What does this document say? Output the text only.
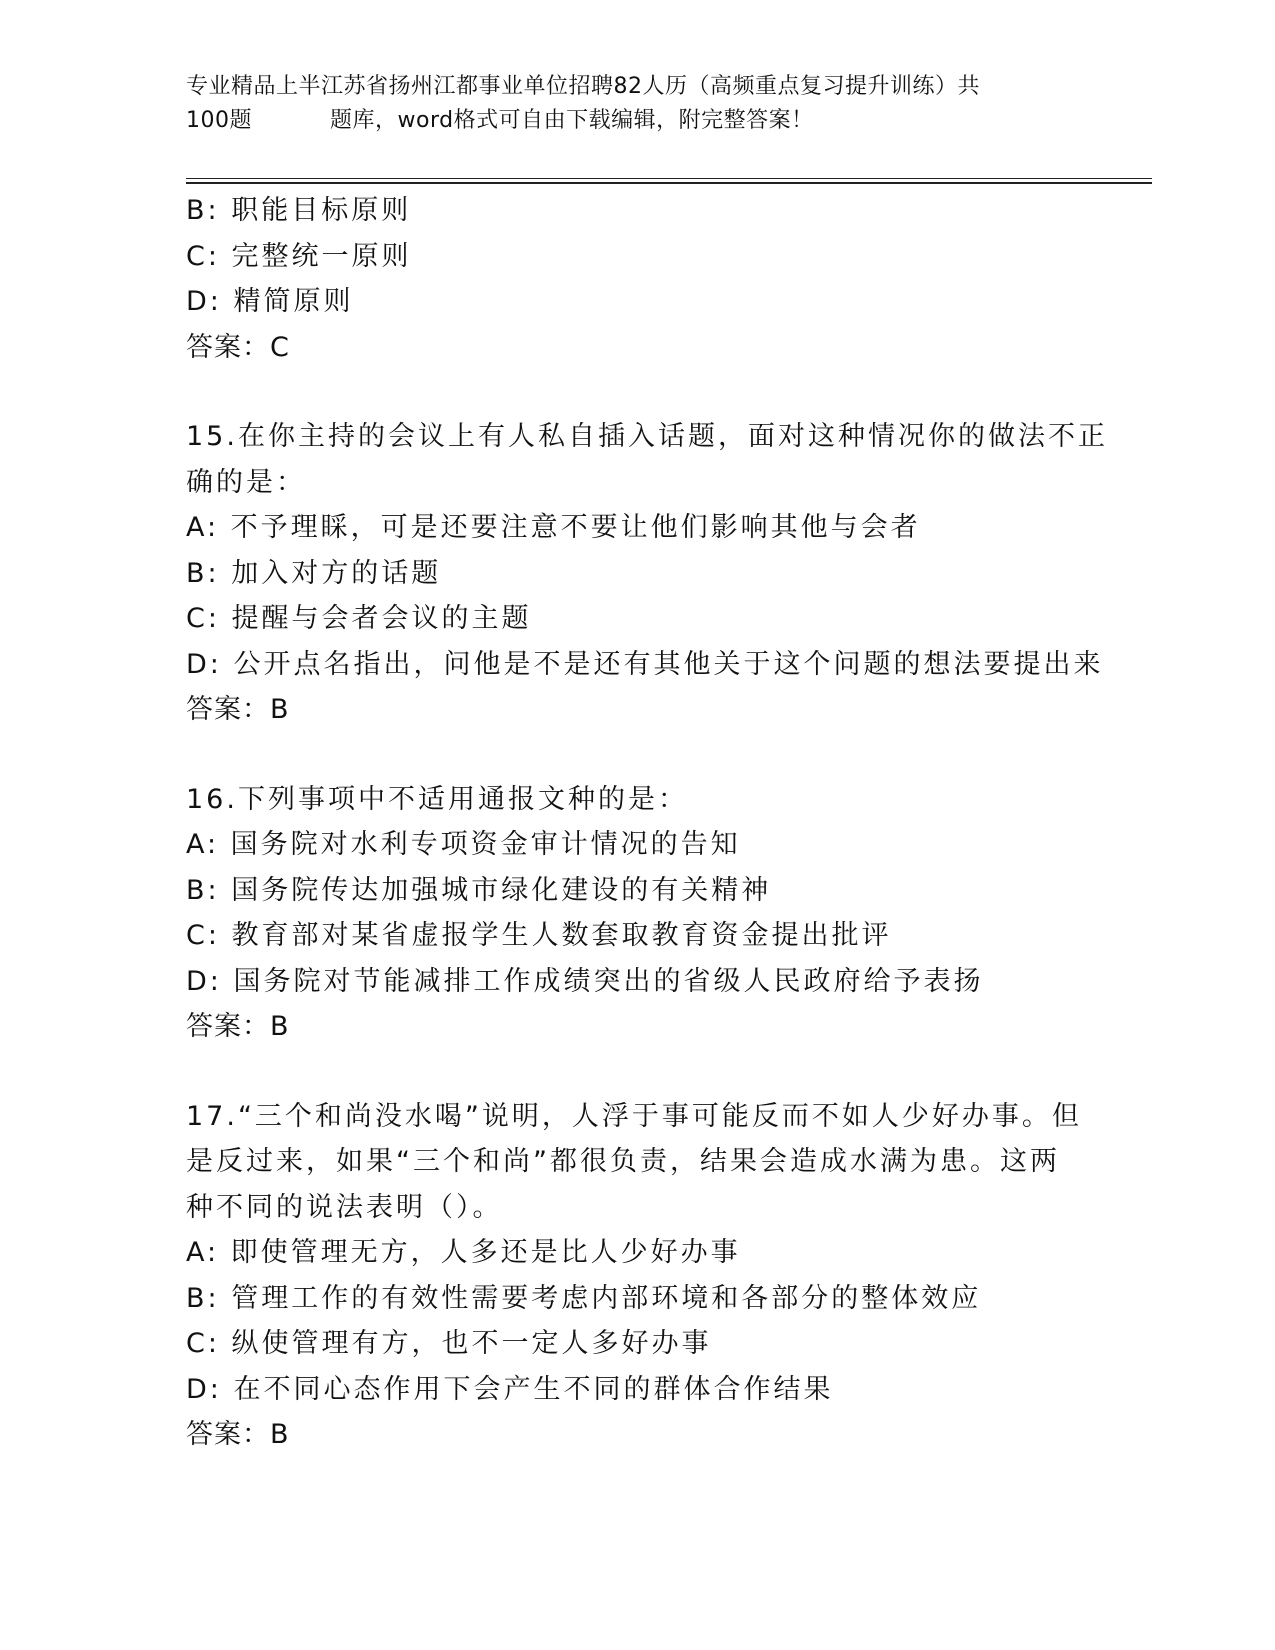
专业精品上半江苏省扬州江都事业单位招聘82人历（高频重点复习提升训练）共
100题	题库，word格式可自由下载编辑，附完整答案！
B: 职能目标原则
C: 完整统一原则
D: 精简原则
答案：C
15.在你主持的会议上有人私自插入话题，面对这种情况你的做法不正
确的是：
A: 不予理睬，可是还要注意不要让他们影响其他与会者
B: 加入对方的话题
C: 提醒与会者会议的主题
D: 公开点名指出，问他是不是还有其他关于这个问题的想法要提出来
答案：B
16.下列事项中不适用通报文种的是：
A: 国务院对水利专项资金审计情况的告知
B: 国务院传达加强城市绿化建设的有关精神
C: 教育部对某省虚报学生人数套取教育资金提出批评
D: 国务院对节能减排工作成绩突出的省级人民政府给予表扬
答案：B
17.“三个和尚没水喝”说明，人浮于事可能反而不如人少好办事。但
是反过来，如果“三个和尚”都很负责，结果会造成水满为患。这两
种不同的说法表明（）。
A: 即使管理无方，人多还是比人少好办事
B: 管理工作的有效性需要考虑内部环境和各部分的整体效应
C: 纵使管理有方，也不一定人多好办事
D: 在不同心态作用下会产生不同的群体合作结果
答案：B
